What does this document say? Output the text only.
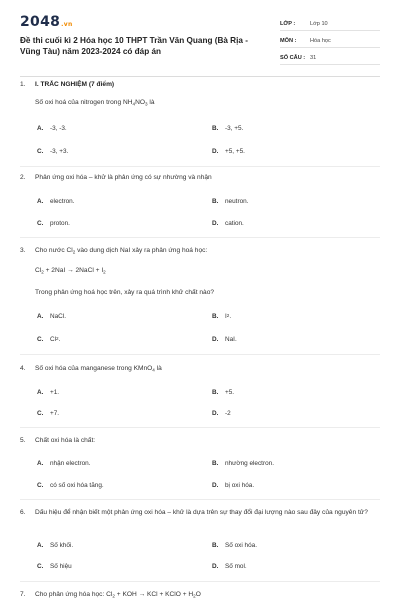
2048.vn
Đề thi cuối kì 2 Hóa học 10 THPT Trần Văn Quang (Bà Rịa - Vũng Tàu) năm 2023-2024 có đáp án
LỚP :	Lớp 10
MÔN :	Hóa học
SỐ CÂU : 31
1.	I. TRẮC NGHIỆM (7 điểm)
Số oxi hoá của nitrogen trong $NH_4NO_3$ là
A.	-3, -3.	B.	-3, +5.
C.	-3, +3.	D.	+5, +5.
2.	Phản ứng oxi hóa – khử là phản ứng có sự nhường và nhận
A.	electron.	B.	neutron.
C.	proton.	D.	cation.
3.	Cho nước $Cl_2$ vào dung dịch NaI xảy ra phản ứng hoá học:
$Cl_2 + 2NaI$ → 2NaCl + $I_2$
Trong phản ứng hoá học trên, xảy ra quá trình khử chất nào?
A.	NaCl.	B.	I 2 .
C.	Cl 2 .	D.	NaI.
4.	Số oxi hóa của manganese trong KMnO$_4$ là
A.	+1.	B.	+5.
C.	+7.	D.	-2
5.	Chất oxi hóa là chất:
A.	nhận electron.	B.	nhường electron.
C.	có số oxi hóa tăng.	D.	bị oxi hóa.
6.	Dấu hiệu để nhận biết một phản ứng oxi hóa – khử là dựa trên sự thay đổi đại lượng nào sau đây của nguyên tử?
A.	Số khối.	B.	Số oxi hóa.
C.	Số hiệu	D.	Số mol.
7.	Cho phản ứng hóa học: $Cl_2$ + KOH → KCl + KClO + $H_2O$
